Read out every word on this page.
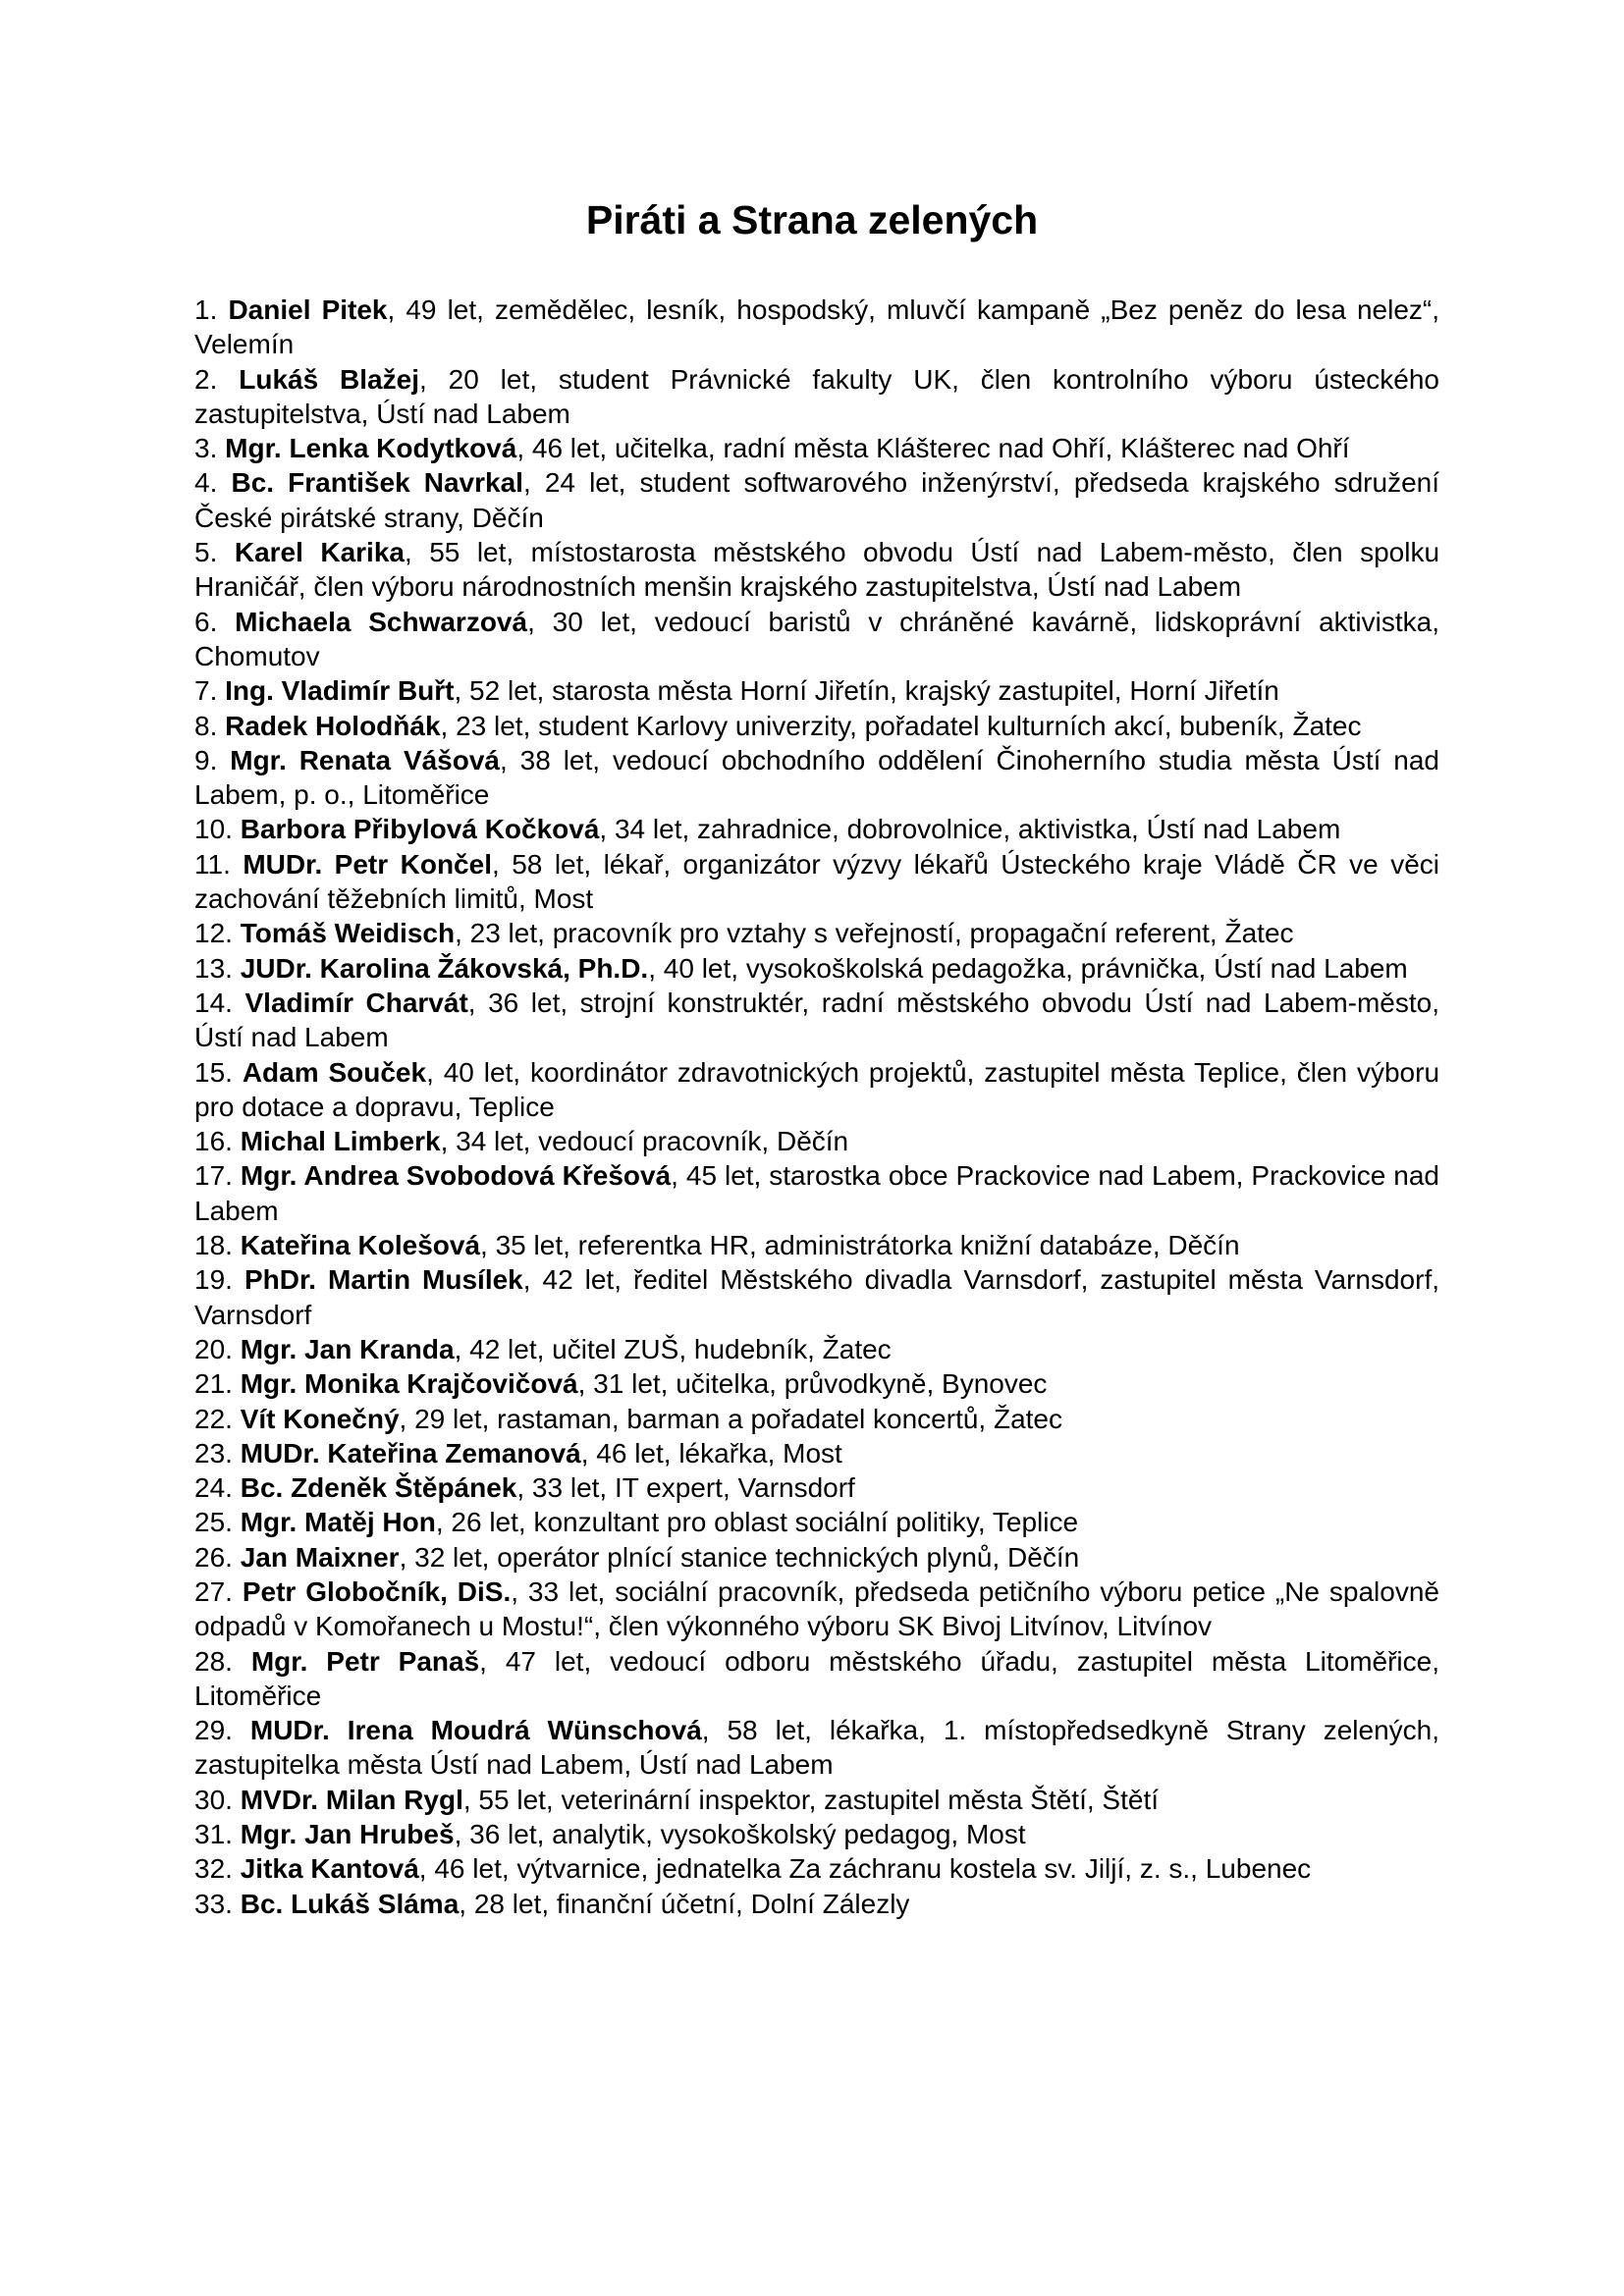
Piráti a Strana zelených
1. Daniel Pitek, 49 let, zemědělec, lesník, hospodský, mluvčí kampaně „Bez peněz do lesa nelez“, Velemín
2. Lukáš Blažej, 20 let, student Právnické fakulty UK, člen kontrolního výboru ústeckého zastupitelstva, Ústí nad Labem
3. Mgr. Lenka Kodytková, 46 let, učitelka, radní města Klášterec nad Ohří, Klášterec nad Ohří
4. Bc. František Navrkal, 24 let, student softwarového inženýrství, předseda krajského sdružení České pirátské strany, Děčín
5. Karel Karika, 55 let, místostarosta městského obvodu Ústí nad Labem-město, člen spolku Hraničář, člen výboru národnostních menšin krajského zastupitelstva, Ústí nad Labem
6. Michaela Schwarzová, 30 let, vedoucí baristů v chráněné kavárně, lidskoprávní aktivistka, Chomutov
7. Ing. Vladimír Buřt, 52 let, starosta města Horní Jiřetín, krajský zastupitel, Horní Jiřetín
8. Radek Holodňák, 23 let, student Karlovy univerzity, pořadatel kulturních akcí, bubeník, Žatec
9. Mgr. Renata Vášová, 38 let, vedoucí obchodního oddělení Činoherního studia města Ústí nad Labem, p. o., Litoměřice
10. Barbora Přibylová Kočková, 34 let, zahradnice, dobrovolnice, aktivistka, Ústí nad Labem
11. MUDr. Petr Končel, 58 let, lékař, organizátor výzvy lékařů Ústeckého kraje Vládě ČR ve věci zachování těžebních limitů, Most
12. Tomáš Weidisch, 23 let, pracovník pro vztahy s veřejností, propagační referent, Žatec
13. JUDr. Karolina Žákovská, Ph.D., 40 let, vysokoškolská pedagožka, právnička, Ústí nad Labem
14. Vladimír Charvát, 36 let, strojní konstruktér, radní městského obvodu Ústí nad Labem-město, Ústí nad Labem
15. Adam Souček, 40 let, koordinátor zdravotnických projektů, zastupitel města Teplice, člen výboru pro dotace a dopravu, Teplice
16. Michal Limberk, 34 let, vedoucí pracovník, Děčín
17. Mgr. Andrea Svobodová Křešová, 45 let, starostka obce Prackovice nad Labem, Prackovice nad Labem
18. Kateřina Kolešová, 35 let, referentka HR, administrátorka knižní databáze, Děčín
19. PhDr. Martin Musílek, 42 let, ředitel Městského divadla Varnsdorf, zastupitel města Varnsdorf, Varnsdorf
20. Mgr. Jan Kranda, 42 let, učitel ZUŠ, hudebník, Žatec
21. Mgr. Monika Krajčovičová, 31 let, učitelka, průvodkyně, Bynovec
22. Vít Konečný, 29 let, rastaman, barman a pořadatel koncertů, Žatec
23. MUDr. Kateřina Zemanová, 46 let, lékařka, Most
24. Bc. Zdeněk Štěpánek, 33 let, IT expert, Varnsdorf
25. Mgr. Matěj Hon, 26 let, konzultant pro oblast sociální politiky, Teplice
26. Jan Maixner, 32 let, operátor plnící stanice technických plynů, Děčín
27. Petr Globočník, DiS., 33 let, sociální pracovník, předseda petičního výboru petice „Ne spalovně odpadů v Komořanech u Mostu!“, člen výkonného výboru SK Bivoj Litvínov, Litvínov
28. Mgr. Petr Panaš, 47 let, vedoucí odboru městského úřadu, zastupitel města Litoměřice, Litoměřice
29. MUDr. Irena Moudrá Wünschová, 58 let, lékařka, 1. místopředsedkyně Strany zelených, zastupitelka města Ústí nad Labem, Ústí nad Labem
30. MVDr. Milan Rygl, 55 let, veterinární inspektor, zastupitel města Štětí, Štětí
31. Mgr. Jan Hrubeš, 36 let, analytik, vysokoškolský pedagog, Most
32. Jitka Kantová, 46 let, výtvarnice, jednatelka Za záchranu kostela sv. Jiljí, z. s., Lubenec
33. Bc. Lukáš Sláma, 28 let, finanční účetní, Dolní Zálezly
